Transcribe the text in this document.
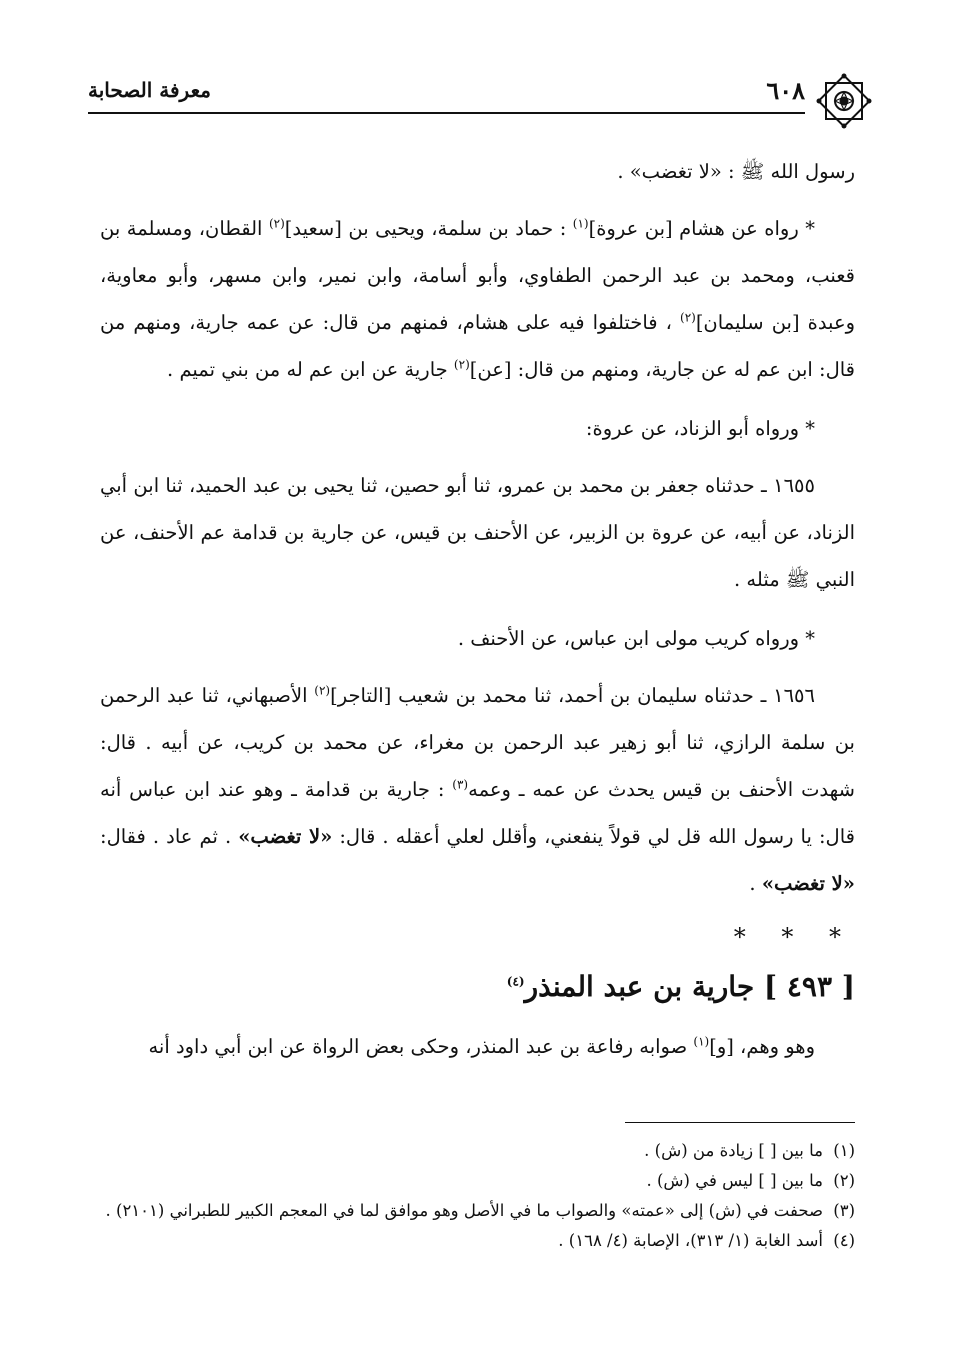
٦٠٨
معرفة الصحابة

رسول الله ﷺ : «لا تغضب» .

* رواه عن هشام [بن عروة]$^{(١)}$ : حماد بن سلمة، ويحيى بن [سعيد]$^{(٢)}$ القطان، ومسلمة بن قعنب، ومحمد بن عبد الرحمن الطفاوي، وأبو أسامة، وابن نمير، وابن مسهر، وأبو معاوية، وعبدة [بن سليمان]$^{(٢)}$ ، فاختلفوا فيه على هشام، فمنهم من قال: عن عمه جارية، ومنهم من قال: ابن عم له عن جارية، ومنهم من قال: [عن]$^{(٢)}$ جارية عن ابن عم له من بني تميم .

* ورواه أبو الزناد، عن عروة:

١٦٥٥ ـ حدثناه جعفر بن محمد بن عمرو، ثنا أبو حصين، ثنا يحيى بن عبد الحميد، ثنا ابن أبي الزناد، عن أبيه، عن عروة بن الزبير، عن الأحنف بن قيس، عن جارية بن قدامة عم الأحنف، عن النبي ﷺ مثله .

* ورواه كريب مولى ابن عباس، عن الأحنف .

١٦٥٦ ـ حدثناه سليمان بن أحمد، ثنا محمد بن شعيب [التاجر]$^{(٢)}$ الأصبهاني، ثنا عبد الرحمن بن سلمة الرازي، ثنا أبو زهير عبد الرحمن بن مغراء، عن محمد بن كريب، عن أبيه . قال: شهدت الأحنف بن قيس يحدث عن عمه ـ وعمه$^{(٣)}$ : جارية بن قدامة ـ وهو عند ابن عباس أنه قال: يا رسول الله قل لي قولاً ينفعني، وأقلل لعلي أعقله . قال: «لا تغضب» . ثم عاد . فقال: «لا تغضب» .

* * *
[ ٤٩٣ ] جارية بن عبد المنذر$^{(٤)}$

وهو وهم، [و]$^{(١)}$ صوابه رفاعة بن عبد المنذر، وحكى بعض الرواة عن ابن أبي داود أنه

(١)ما بين [ ] زيادة من (ش) .

(٢)ما بين [ ] ليس في (ش) .

(٣)صحفت في (ش) إلى «عمته» والصواب ما في الأصل وهو موافق لما في المعجم الكبير للطبراني (٢١٠١) .

(٤)أسد الغابة (١/ ٣١٣)، الإصابة (٤/ ١٦٨) .
